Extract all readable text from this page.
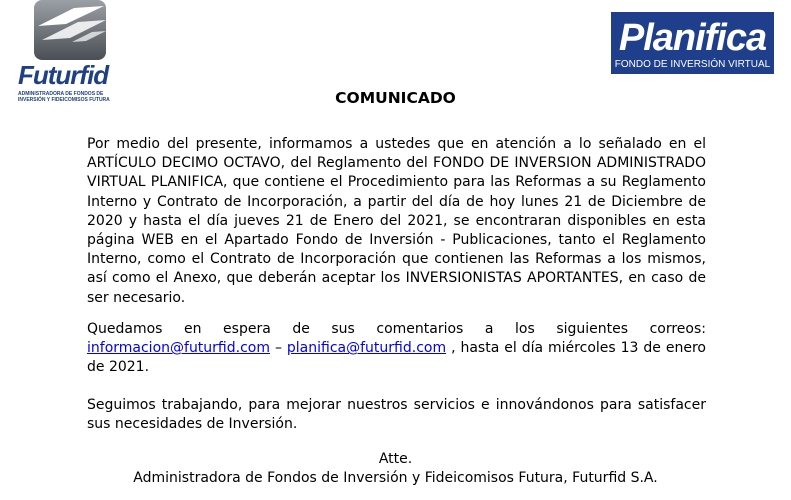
Futurfid
ADMINISTRADORA DE FONDOS DE INVERSIÓN Y FIDEICOMISOS FUTURA
Planifica
FONDO DE INVERSIÓN VIRTUAL
COMUNICADO

Por medio del presente, informamos a ustedes que en atención a lo señalado en el ARTÍCULO DECIMO OCTAVO, del Reglamento del FONDO DE INVERSION ADMINISTRADO VIRTUAL PLANIFICA, que contiene el Procedimiento para las Reformas a su Reglamento Interno y Contrato de Incorporación, a partir del día de hoy lunes 21 de Diciembre de 2020 y hasta el día jueves 21 de Enero del 2021, se encontraran disponibles en esta página WEB en el Apartado Fondo de Inversión - Publicaciones, tanto el Reglamento Interno, como el Contrato de Incorporación que contienen las Reformas a los mismos, así como el Anexo, que deberán aceptar los INVERSIONISTAS APORTANTES, en caso de ser necesario.

Quedamos en espera de sus comentarios a los siguientes correos: informacion@futurfid.com – planifica@futurfid.com , hasta el día miércoles 13 de enero de 2021.

Seguimos trabajando, para mejorar nuestros servicios e innovándonos para satisfacer sus necesidades de Inversión.

Atte.

Administradora de Fondos de Inversión y Fideicomisos Futura, Futurfid S.A.
